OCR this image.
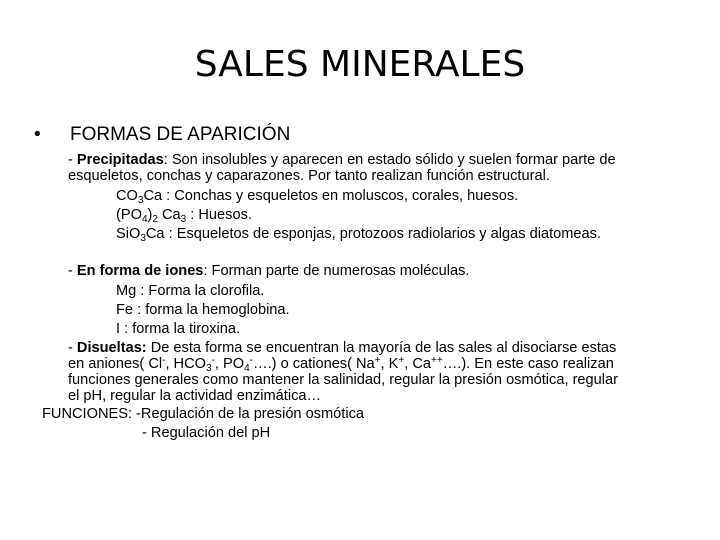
SALES MINERALES
• FORMAS DE APARICIÓN
- Precipitadas: Son insolubles y aparecen en estado sólido y suelen formar parte de
esqueletos, conchas y caparazones. Por tanto realizan función estructural.
$CO_3Ca$ : Conchas y esqueletos en moluscos, corales, huesos.
$(PO_4)_2$ $Ca_3$ : Huesos.
SiO$_3$Ca : Esqueletos de esponjas, protozoos radiolarios y algas diatomeas.
- En forma de iones: Forman parte de numerosas moléculas.
Mg : Forma la clorofila.
Fe : forma la hemoglobina.
I : forma la tiroxina.
- Disueltas: De esta forma se encuentran la mayoría de las sales al disociarse estas
en aniones( Cl-, $HCO_3^-$, $PO_4^-\dots$.) o cationes( Na+, K+, Ca++….). En este caso realizan
funciones generales como mantener la salinidad, regular la presión osmótica, regular
el pH, regular la actividad enzimática…
FUNCIONES: -Regulación de la presión osmótica
- Regulación del pH
